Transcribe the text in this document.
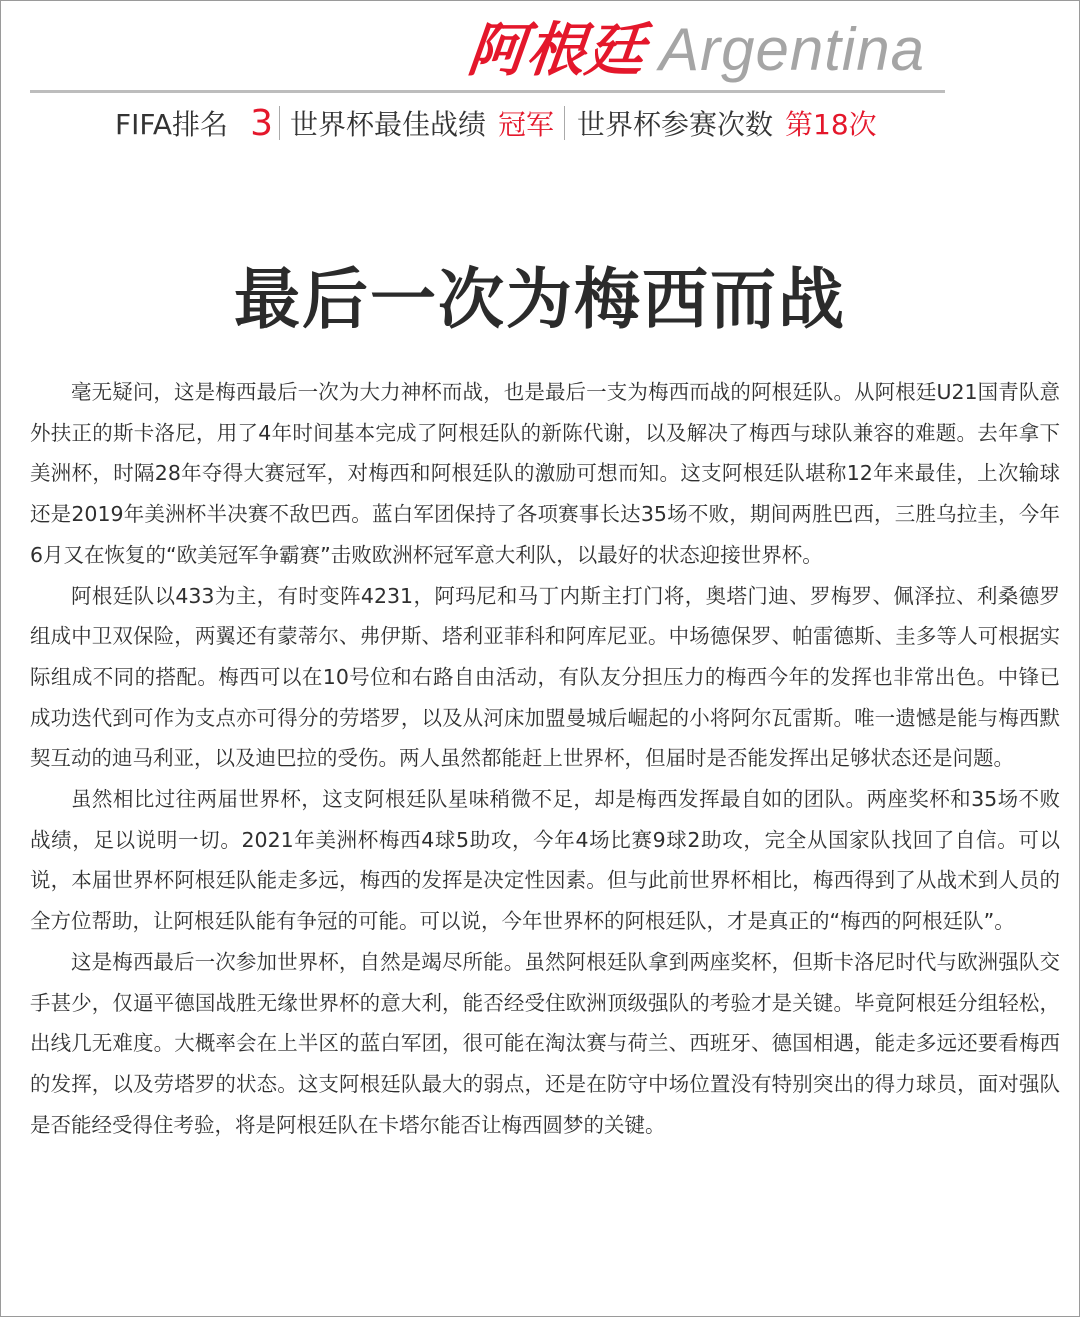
阿根廷 Argentina
FIFA排名 3 世界杯最佳战绩 冠军 世界杯参赛次数 第18次
最后一次为梅西而战

毫无疑问，这是梅西最后一次为大力神杯而战，也是最后一支为梅西而战的阿根廷队。从阿根廷U21国青队意外扶正的斯卡洛尼，用了4年时间基本完成了阿根廷队的新陈代谢，以及解决了梅西与球队兼容的难题。去年拿下美洲杯，时隔28年夺得大赛冠军，对梅西和阿根廷队的激励可想而知。这支阿根廷队堪称12年来最佳，上次输球还是2019年美洲杯半决赛不敌巴西。蓝白军团保持了各项赛事长达35场不败，期间两胜巴西，三胜乌拉圭，今年6月又在恢复的“欧美冠军争霸赛”击败欧洲杯冠军意大利队，以最好的状态迎接世界杯。

阿根廷队以433为主，有时变阵4231，阿玛尼和马丁内斯主打门将，奥塔门迪、罗梅罗、佩泽拉、利桑德罗组成中卫双保险，两翼还有蒙蒂尔、弗伊斯、塔利亚菲科和阿库尼亚。中场德保罗、帕雷德斯、圭多等人可根据实际组成不同的搭配。梅西可以在10号位和右路自由活动，有队友分担压力的梅西今年的发挥也非常出色。中锋已成功迭代到可作为支点亦可得分的劳塔罗，以及从河床加盟曼城后崛起的小将阿尔瓦雷斯。唯一遗憾是能与梅西默契互动的迪马利亚，以及迪巴拉的受伤。两人虽然都能赶上世界杯，但届时是否能发挥出足够状态还是问题。

虽然相比过往两届世界杯，这支阿根廷队星味稍微不足，却是梅西发挥最自如的团队。两座奖杯和35场不败战绩，足以说明一切。2021年美洲杯梅西4球5助攻，今年4场比赛9球2助攻，完全从国家队找回了自信。可以说，本届世界杯阿根廷队能走多远，梅西的发挥是决定性因素。但与此前世界杯相比，梅西得到了从战术到人员的全方位帮助，让阿根廷队能有争冠的可能。可以说，今年世界杯的阿根廷队，才是真正的“梅西的阿根廷队”。

这是梅西最后一次参加世界杯，自然是竭尽所能。虽然阿根廷队拿到两座奖杯，但斯卡洛尼时代与欧洲强队交手甚少，仅逼平德国战胜无缘世界杯的意大利，能否经受住欧洲顶级强队的考验才是关键。毕竟阿根廷分组轻松，出线几无难度。大概率会在上半区的蓝白军团，很可能在淘汰赛与荷兰、西班牙、德国相遇，能走多远还要看梅西的发挥，以及劳塔罗的状态。这支阿根廷队最大的弱点，还是在防守中场位置没有特别突出的得力球员，面对强队是否能经受得住考验，将是阿根廷队在卡塔尔能否让梅西圆梦的关键。
